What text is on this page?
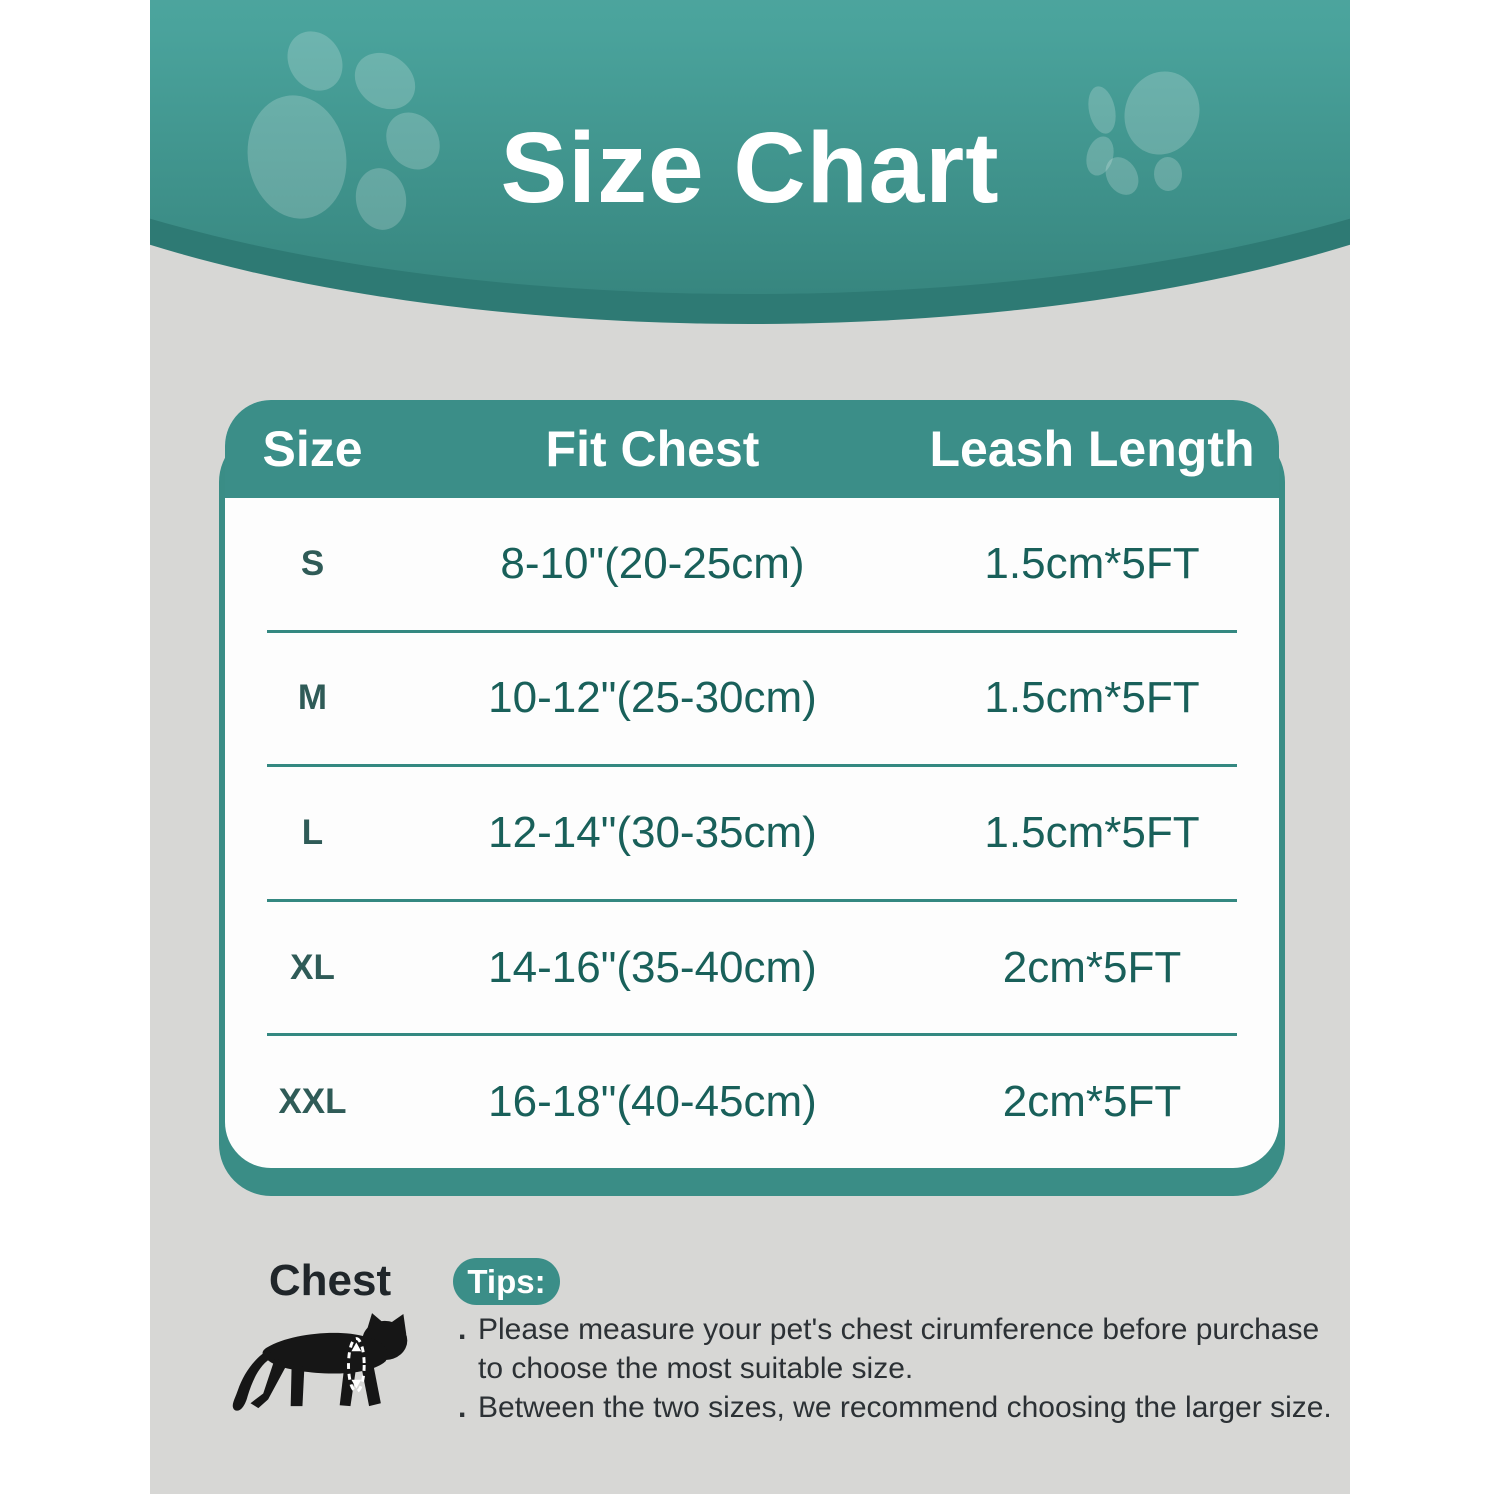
Size Chart
Size	Fit Chest	Leash Length
S	8-10"(20-25cm)	1.5cm*5FT
M	10-12"(25-30cm)	1.5cm*5FT
L	12-14"(30-35cm)	1.5cm*5FT
XL	14-16"(35-40cm)	2cm*5FT
XXL	16-18"(40-45cm)	2cm*5FT
Chest	Tips:
. Please measure your pet's chest cirumference before purchase
to choose the most suitable size.
. Between the two sizes, we recommend choosing the larger size.
